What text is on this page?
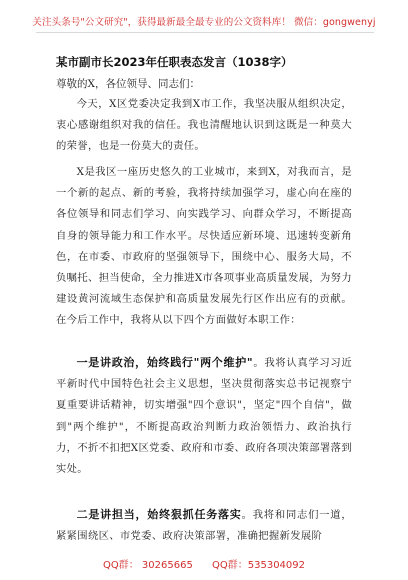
关注头条号"公文研究"，获得最新最全最专业的公文资料库！ 微信：gongwenyj
某市副市长2023年任职表态发言（1038字）
尊敬的X，各位领导、同志们：

今天，X区党委决定我到X市工作，我坚决服从组织决定，衷心感谢组织对我的信任。我也清醒地认识到这既是一种莫大的荣誉，也是一份莫大的责任。

X是我区一座历史悠久的工业城市，来到X，对我而言，是一个新的起点、新的考验，我将持续加强学习，虚心向在座的各位领导和同志们学习、向实践学习、向群众学习，不断提高自身的领导能力和工作水平。尽快适应新环境、迅速转变新角色，在市委、市政府的坚强领导下，围绕中心、服务大局，不负嘱托、担当使命，全力推进X市各项事业高质量发展，为努力建设黄河流域生态保护和高质量发展先行区作出应有的贡献。在今后工作中，我将从以下四个方面做好本职工作：

一是讲政治，始终践行"两个维护"。我将认真学习习近平新时代中国特色社会主义思想，坚决贯彻落实总书记视察宁夏重要讲话精神，切实增强"四个意识"，坚定"四个自信"，做到"两个维护"，不断提高政治判断力政治领悟力、政治执行力，不折不扣把X区党委、政府和市委、政府各项决策部署落到实处。

二是讲担当，始终狠抓任务落实。我将和同志们一道，紧紧围绕区、市党委、政府决策部署，准确把握新发展阶

QQ群： 30265665 QQ群：535304092
